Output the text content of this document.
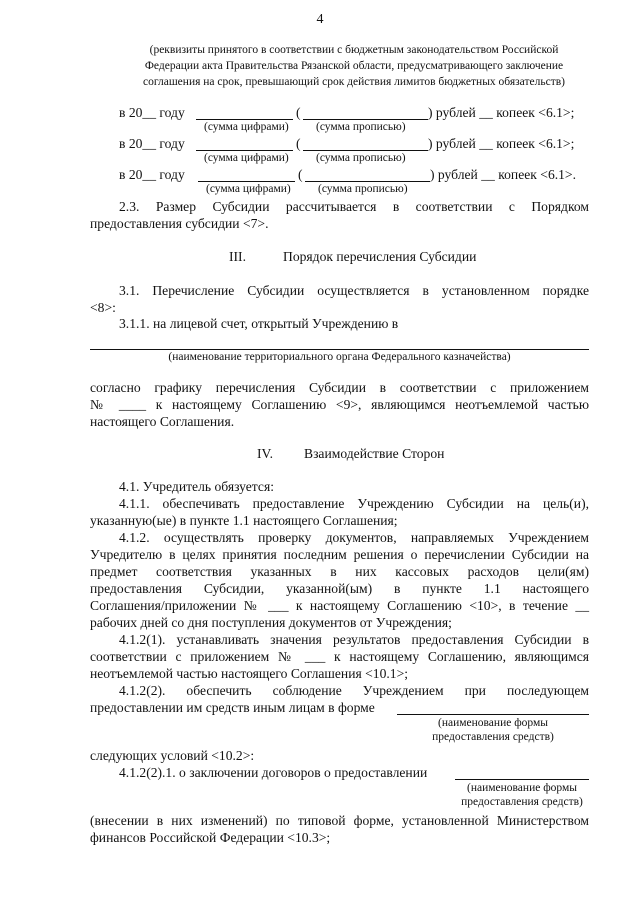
4
(реквизиты принятого в соответствии с бюджетным законодательством Российской
Федерации акта Правительства Рязанской области, предусматривающего заключение
соглашения на срок, превышающий срок действия лимитов бюджетных обязательств)
в 20__ году	(	) рублей __ копеек <6.1>;
(сумма цифрами) (сумма прописью)
в 20__ году	(	) рублей __ копеек <6.1>;
(сумма цифрами) (сумма прописью)
в 20__ году	(	) рублей __ копеек <6.1>.
(сумма цифрами) (сумма прописью)
2.3. Размер Субсидии рассчитывается в соответствии с Порядком
предоставления субсидии <7>.
III.	Порядок перечисления Субсидии
3.1. Перечисление Субсидии осуществляется в установленном порядке
<8>:
3.1.1. на лицевой счет, открытый Учреждению в
(наименование территориального органа Федерального казначейства)
согласно графику перечисления Субсидии в соответствии с приложением
№ ____ к настоящему Соглашению <9>, являющимся неотъемлемой частью
настоящего Соглашения.
IV. Взаимодействие Сторон
4.1. Учредитель обязуется:
4.1.1. обеспечивать предоставление Учреждению Субсидии на цель(и),
указанную(ые) в пункте 1.1 настоящего Соглашения;
4.1.2. осуществлять проверку документов, направляемых Учреждением
Учредителю в целях принятия последним решения о перечислении Субсидии на
предмет соответствия указанных в них кассовых расходов цели(ям)
предоставления Субсидии, указанной(ым) в пункте 1.1 настоящего
Соглашения/приложении № ___ к настоящему Соглашению <10>, в течение __
рабочих дней со дня поступления документов от Учреждения;
4.1.2(1). устанавливать значения результатов предоставления Субсидии в
соответствии с приложением № ___ к настоящему Соглашению, являющимся
неотъемлемой частью настоящего Соглашения <10.1>;
4.1.2(2). обеспечить соблюдение Учреждением при последующем
предоставлении им средств иным лицам в форме
(наименование формы
предоставления средств)
следующих условий <10.2>:
4.1.2(2).1. о заключении договоров о предоставлении
(наименование формы
предоставления средств)
(внесении в них изменений) по типовой форме, установленной Министерством
финансов Российской Федерации <10.3>;
